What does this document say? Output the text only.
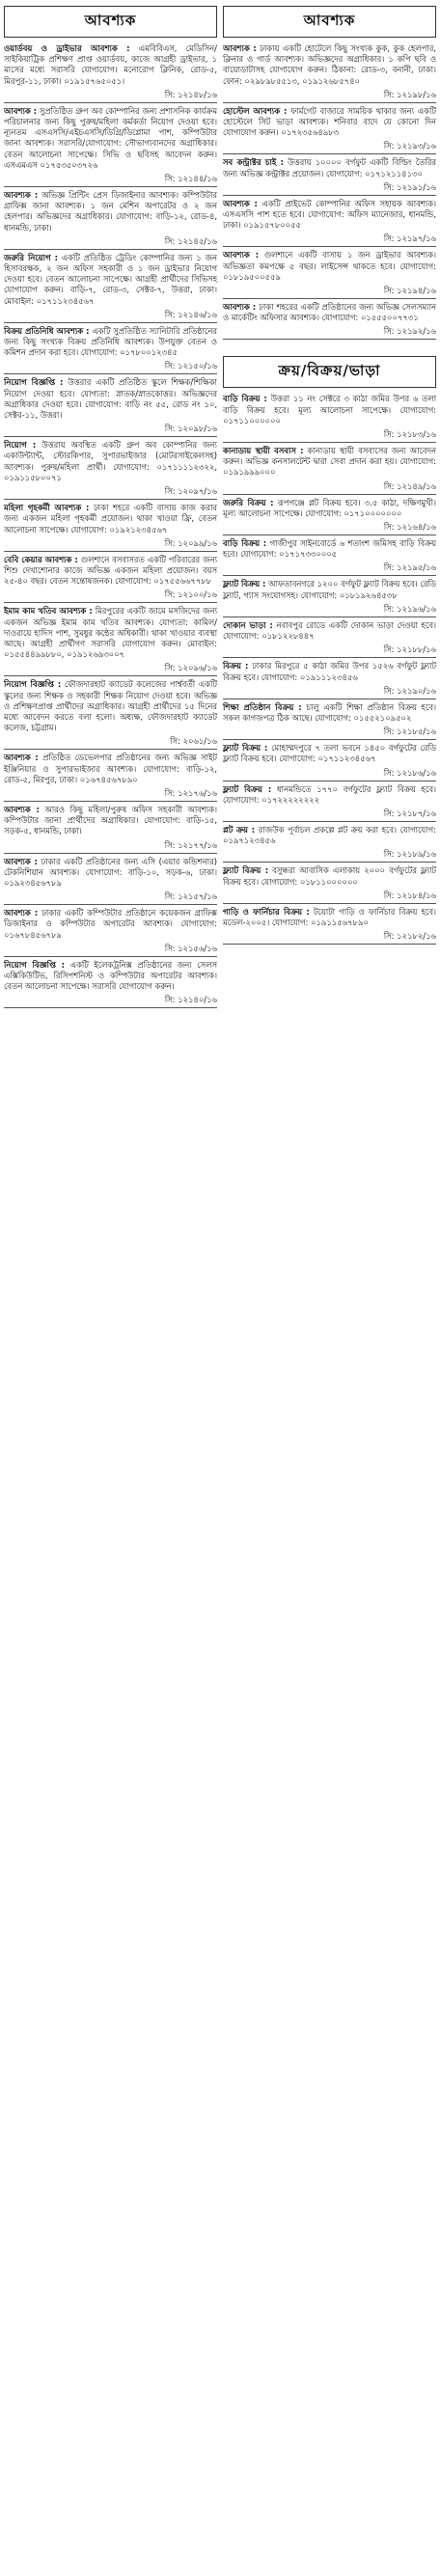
আবশ্যক

ওয়ার্ডবয় ও ড্রাইভার আবশ্যক : এমবিবিএস, মেডিসিন/ সাইকিয়াট্রিক প্রশিক্ষণ প্রাপ্ত ওয়ার্ডবয়, কাজে আগ্রহী ড্রাইভার, ১ মাসের মধ্যে সরাসরি যোগাযোগ। মনোরোগ ক্লিনিক, রোড-৫, মিরপুর-১১, ঢাকা। ০১৯১৫৭৬৫০৫১।

সি: ১২১৪৮/১৬

আবশ্যক : সুপ্রতিষ্ঠিত গ্রুপ অব কোম্পানির জন্য প্রশাসনিক কার্যক্রম পরিচালনার জন্য কিছু পুরুষ/মহিলা কর্মকর্তা নিয়োগ দেওয়া হবে। ন্যূনতম এসএসসি/এইচএসসি/ডিগ্রি/ডিপ্লোমা পাশ, কম্পিউটার জানা আবশ্যক। সরাসরি/যোগাযোগ: সৌভাগ্যবানদের অগ্রাধিকার। বেতন আলোচনা সাপেক্ষে। সিভি ও ছবিসহ আবেদন করুন। এসএমএস ০১৭৫৩৫০৩৭২৬

সি: ১২১৪৪/১৬

আবশ্যক : অভিজ্ঞ প্রিন্টিং প্রেস ডিজাইনার আবশ্যক। কম্পিউটার গ্রাফিক্স জানা আবশ্যক। ১ জন মেশিন অপারেটর ও ২ জন হেলপার। অভিজ্ঞদের অগ্রাধিকার। যোগাযোগ: বাড়ি-১২, রোড-৪, ধানমন্ডি, ঢাকা।

সি: ১২১৪৫/১৬

জরুরি নিয়োগ : একটি প্রতিষ্ঠিত ট্রেডিং কোম্পানির জন্য ১ জন হিসাবরক্ষক, ২ জন অফিস সহকারী ও ১ জন ড্রাইভার নিয়োগ দেওয়া হবে। বেতন আলোচনা সাপেক্ষে। আগ্রহী প্রার্থীদের সিভিসহ যোগাযোগ করুন। বাড়ি-৭, রোড-৩, সেক্টর-৭, উত্তরা, ঢাকা। মোবাইল: ০১৭১১২৩৪৫৬৭

সি: ১২১৪৬/১৬

বিক্রয় প্রতিনিধি আবশ্যক : একটি সুপ্রতিষ্ঠিত স্যানিটারি প্রতিষ্ঠানের জন্য কিছু সংখ্যক বিক্রয় প্রতিনিধি আবশ্যক। উপযুক্ত বেতন ও কমিশন প্রদান করা হবে। যোগাযোগ: ০১৭৮০০১২৩৪৫

সি: ১২১৫০/১৬

নিয়োগ বিজ্ঞপ্তি : উত্তরার একটি প্রতিষ্ঠিত স্কুলে শিক্ষক/শিক্ষিকা নিয়োগ দেওয়া হবে। যোগ্যতা: স্নাতক/স্নাতকোত্তর। অভিজ্ঞদের অগ্রাধিকার দেওয়া হবে। যোগাযোগ: বাড়ি নং ৫৫, রোড নং ১০, সেক্টর-১১, উত্তরা।

সি: ১২০৯৮/১৬

নিয়োগ : উত্তরায় অবস্থিত একটি গ্রুপ অব কোম্পানির জন্য একাউন্ট্যান্ট, স্টোরকিপার, সুপারভাইজার (মোটরসাইকেলসহ) আবশ্যক। পুরুষ/মহিলা প্রার্থী। যোগাযোগ: ০১৭১১১১২৩২২, ০১৯১১৫৮০০৭১

সি: ১২০৯৭/১৬

মহিলা গৃহকর্মী আবশ্যক : ঢাকা শহরে একটি বাসায় কাজ করার জন্য একজন মহিলা গৃহকর্মী প্রয়োজন। থাকা খাওয়া ফ্রি, বেতন আলোচনা সাপেক্ষে। যোগাযোগ: ০১৯২১২৩৪৫৬৭

সি: ১২০৯৯/১৬

বেবি কেয়ার আবশ্যক : গুলশানে বসবাসরত একটি পরিবারের জন্য শিশু দেখাশোনার কাজে অভিজ্ঞ একজন মহিলা প্রয়োজন। বয়স ২৫-৪০ বছর। বেতন সন্তোষজনক। যোগাযোগ: ০১৭৫৫৬৬৭৭৮৮

সি: ১২১০০/১৬

ইমাম কাম খতিব আবশ্যক : মিরপুরের একটি জামে মসজিদের জন্য একজন অভিজ্ঞ ইমাম কাম খতিব আবশ্যক। যোগ্যতা: কামিল/দাওরায়ে হাদিস পাশ, সুমধুর কন্ঠের অধিকারী। থাকা খাওয়ার ব্যবস্থা আছে। আগ্রহী প্রার্থীগণ সরাসরি যোগাযোগ করুন। মোবাইল: ০১৫৫৪৪৯৯৮৮০, ০১৯১২৬৯৩০০৭

সি: ১২০৯৬/১৬

নিয়োগ বিজ্ঞপ্তি : ফৌজদারহাট ক্যাডেট কলেজের পার্শ্ববর্তী একটি স্কুলের জন্য শিক্ষক ও সহকারী শিক্ষক নিয়োগ দেওয়া হবে। অভিজ্ঞ ও প্রশিক্ষণপ্রাপ্ত প্রার্থীদের অগ্রাধিকার। আগ্রহী প্রার্থীদের ১৫ দিনের মধ্যে আবেদন করতে বলা হলো। অধ্যক্ষ, ফৌজদারহাট ক্যাডেট কলেজ, চট্টগ্রাম।

সি: ২০৬১/১৬

আবশ্যক : প্রতিষ্ঠিত ডেভেলপার প্রতিষ্ঠানের জন্য অভিজ্ঞ সাইট ইঞ্জিনিয়ার ও সুপারভাইজার আবশ্যক। যোগাযোগ: বাড়ি-১২, রোড-৫, মিরপুর, ঢাকা। ০১৬৭৪৫৬৭৮৯০

সি: ১২১৭৬/১৬

আবশ্যক : আরও কিছু মহিলা/পুরুষ অফিস সহকারী আবশ্যক। কম্পিউটার জানা প্রার্থীদের অগ্রাধিকার। যোগাযোগ: বাড়ি-১৫, সড়ক-৫, ধানমন্ডি, ঢাকা।

সি: ১২১৭৭/১৬

আবশ্যক : ঢাকার একটি প্রতিষ্ঠানের জন্য এসি (এয়ার কন্ডিশনার) টেকনিশিয়ান আবশ্যক। যোগাযোগ: বাড়ি-১০, সড়ক-৬, ঢাকা। ০১৯২৩৪৫৬৭৮৯

সি: ১২১৫৭/১৬

আবশ্যক : ঢাকার একটি কম্পিউটার প্রতিষ্ঠানে কয়েকজন গ্রাফিক্স ডিজাইনার ও কম্পিউটার অপারেটর আবশ্যক। যোগাযোগ: ০১৬৭৮৪৫৬৭৮৯

সি: ১২১৫৬/১৬

নিয়োগ বিজ্ঞপ্তি : একটি ইলেকট্রনিক্স প্রতিষ্ঠানের জন্য সেলস এক্সিকিউটিভ, রিসিপশনিস্ট ও কম্পিউটার অপারেটর আবশ্যক। বেতন আলোচনা সাপেক্ষে। সরাসরি যোগাযোগ করুন।

সি: ১২১৪০/১৬

আবশ্যক

আবশ্যক : ঢাকায় একটি হোটেলে কিছু সংখ্যক কুক, কুক হেলপার, ক্লিনার ও গার্ড আবশ্যক। অভিজ্ঞদের অগ্রাধিকার। ১ কপি ছবি ও বায়োডাটাসহ যোগাযোগ করুন। ঠিকানা: রোড-৩, বনানী, ঢাকা। ফোন: ০২৯৮৯৮৫৫১৩, ০১৯১২৬৮৫৭৪০

সি: ১২১৯৮/১৬

হোস্টেল আবশ্যক : ফার্মগেট বাজারে সাময়িক থাকার জন্য একটি হোস্টেলে সিট ভাড়া আবশ্যক। শনিবার বাদে যে কোনো দিন যোগাযোগ করুন। ০১৭২৩৫৬৪৯৮৩

সি: ১২১৯৩/১৬

সব কন্ট্রাক্টর চাই : উত্তরায় ১০০০০ বর্গফুট একটি বিল্ডিং তৈরির জন্য অভিজ্ঞ কন্ট্রাক্টর প্রয়োজন। যোগাযোগ: ০১৭১২১১৪১৩০

সি: ১২১৯১/১৬

আবশ্যক : একটি প্রাইভেট কোম্পানির অফিস সহায়ক আবশ্যক। এসএসসি পাশ হতে হবে। যোগাযোগ: অফিস ম্যানেজার, ধানমন্ডি, ঢাকা। ০১৯১৫৭৮০০৫৫

সি: ১২১৯৭/১৬

আবশ্যক : গুলশানে একটি বাসায় ১ জন ড্রাইভার আবশ্যক। অভিজ্ঞতা কমপক্ষে ৫ বছর। লাইসেন্স থাকতে হবে। যোগাযোগ: ০১৮১৯৫০০৫৫৯

সি: ১২১৯৪/১৬

আবশ্যক : ঢাকা শহরের একটি প্রতিষ্ঠানের জন্য অভিজ্ঞ সেলসম্যান ও মার্কেটিং অফিসার আবশ্যক। যোগাযোগ: ০১৫৫৫০০৭৭৩১

সি: ১২১৯২/১৬

ক্রয়/বিক্রয়/ভাড়া

বাড়ি বিক্রয় : উত্তরা ১১ নং সেক্টরে ৩ কাঠা জমির উপর ৬ তলা বাড়ি বিক্রয় হবে। মূল্য আলোচনা সাপেক্ষে। যোগাযোগ: ০১৭১১০০০০০০

সি: ১২১৮৩/১৬

কানাডায় স্থায়ী বসবাস : কানাডায় স্থায়ী বসবাসের জন্য আবেদন করুন। অভিজ্ঞ কনসালটেন্ট দ্বারা সেবা প্রদান করা হয়। যোগাযোগ: ০১৯১৯৯৯০০০

সি: ১২১৪৯/১৬

জরুরি বিক্রয় : রূপগঞ্জে প্লট বিক্রয় হবে। ৩.৫ কাঠা, দক্ষিণমুখী। মূল্য আলোচনা সাপেক্ষে। যোগাযোগ: ০১৭১০০০০০০০

সি: ১২১৬৪/১৬

বাড়ি বিক্রয় : গাজীপুর সাইনবোর্ডে ৬ শতাংশ জমিসহ বাড়ি বিক্রয় হবে। যোগাযোগ: ০১৭১৭৩৩০০০৫

সি: ১২১৯৫/১৬

ফ্ল্যাট বিক্রয় : আফতাবনগরে ১২০০ বর্গফুট ফ্ল্যাট বিক্রয় হবে। রেডি ফ্ল্যাট, গ্যাস সংযোগসহ। যোগাযোগ: ০১৮১৯২৬৪৫৩৮

সি: ১২১৯৬/১৬

দোকান ভাড়া : নবাবপুর রোডে একটি দোকান ভাড়া দেওয়া হবে। যোগাযোগ: ০১৮১২২৮৪৪৭

সি: ১২১৮৮/১৬

বিক্রয় : ঢাকার মিরপুরে ৫ কাঠা জমির উপর ১৫২৬ বর্গফুট ফ্ল্যাট বিক্রয় হবে। যোগাযোগ: ০১৯১১১২৩৪৫৬

সি: ১২১৯০/১৬

শিক্ষা প্রতিষ্ঠান বিক্রয় : চালু একটি শিক্ষা প্রতিষ্ঠান বিক্রয় হবে। সকল কাগজপত্র ঠিক আছে। যোগাযোগ: ০১৫৫২১০৯৫০২

সি: ১২১৮৫/১৬

ফ্ল্যাট বিক্রয় : মোহাম্মদপুরে ৭ তলা ভবনে ১৪৫০ বর্গফুটের রেডি ফ্ল্যাট বিক্রয় হবে। যোগাযোগ: ০১৭১১২৩৪৫৬৭

সি: ১২১৮৬/১৬

ফ্ল্যাট বিক্রয় : ধানমন্ডিতে ১৭৭০ বর্গফুটের ফ্ল্যাট বিক্রয় হবে। যোগাযোগ: ০১৭২২২২২২২২

সি: ১২১৮৭/১৬

প্লট ক্রয় : রাজউক পূর্বাচল প্রকল্পে প্লট ক্রয় করা হবে। যোগাযোগ: ০১৯৭১২৩৪৫৬

সি: ১২১৮৯/১৬

ফ্ল্যাট বিক্রয় : বসুন্ধরা আবাসিক এলাকায় ২০০০ বর্গফুটের ফ্ল্যাট বিক্রয় হবে। যোগাযোগ: ০১৮১১০০০০০০

সি: ১২১৮৪/১৬

গাড়ি ও ফার্নিচার বিক্রয় : টয়োটা গাড়ি ও ফার্নিচার বিক্রয় হবে। মডেল-২০০৫। যোগাযোগ: ০১৯১১৫৬৭৮৯০

সি: ১২১৮২/১৬
